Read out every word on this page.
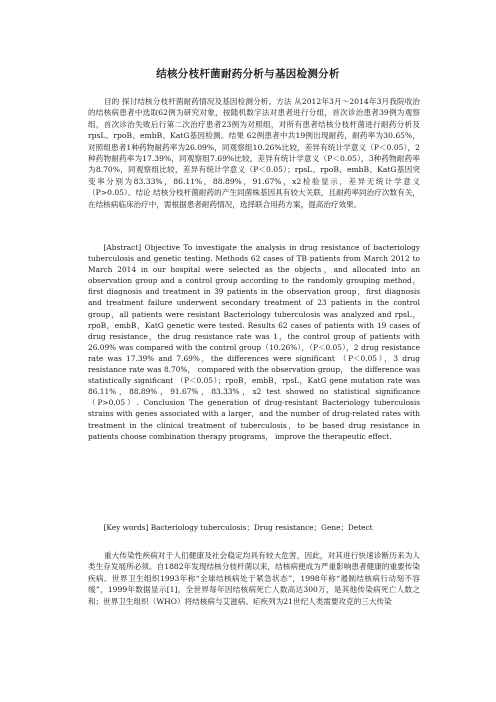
结核分枝杆菌耐药分析与基因检测分析

目的 探讨结核分枝杆菌耐药情况及基因检测分析。方法 从2012年3月～2014年3月我院收治的结核病患者中选取62例为研究对象，按随机数字法对患者进行分组，首次诊治患者39例为观察组，首次诊治失败后行第二次治疗患者23例为对照组，对所有患者结核分枝杆菌进行耐药分析及rpsL、rpoB、embB、KatG基因检测。结果 62例患者中共19例出现耐药，耐药率为30.65%，对照组患者1种药物耐药率为26.09%，同观察组10.26%比较，差异有统计学意义（P＜0.05），2种药物耐药率为17.39%，同观察组7.69%比较，差异有统计学意义（P＜0.05），3种药物耐药率为8.70%，同观察组比较，差异有统计学意义（P＜0.05）；rpsL、rpoB、embB、KatG基因突变率分别为83.33%，86.11%，88.89%，91.67%，x2检验显示，差异无统计学意义（P>0.05）。结论 结核分枝杆菌耐药的产生同菌株基因具有较大关联，且耐药率同治疗次数有关，在结核病临床治疗中，需根据患者耐药情况，选择联合用药方案，提高治疗效果。

[Abstract] Objective To investigate the analysis in drug resistance of bacteriology tuberculosis and genetic testing. Methods 62 cases of TB patients from March 2012 to March 2014 in our hospital were selected as the objects，and allocated into an observation group and a control group according to the randomly grouping method，first diagnosis and treatment in 39 patients in the observation group，first diagnosis and treatment failure underwent secondary treatment of 23 patients in the control group，all patients were resistant Bacteriology tuberculosis was analyzed and rpsL，rpoB，embB，KatG genetic were tested. Results 62 cases of patients with 19 cases of drug resistance，the drug resistance rate was 1，the control group of patients with 26.09% was compared with the control group（10.26%），（P＜0.05），2 drug resistance rate was 17.39% and 7.69%，the differences were significant （P＜0.05），3 drug resistance rate was 8.70%， compared with the observation group， the difference was statistically significant （P＜0.05）；rpoB，embB，rpsL，KatG gene mutation rate was 86.11%，88.89%，91.67%，83.33%，x2 test showed no statistical significance （P>0.05）. Conclusion The generation of drug-resistant Bacteriology tuberculosis strains with genes associated with a larger，and the number of drug-related rates with treatment in the clinical treatment of tuberculosis，to be based drug resistance in patients choose combination therapy programs， improve the therapeutic effect.

[Key words] Bacteriology tuberculosis；Drug resistance；Gene；Detect

重大传染性疾病对于人们健康及社会稳定均具有较大危害，因此，对其进行快速诊断历来为人类生存发展所必须。自1882年发现结核分枝杆菌以来，结核病便成为严重影响患者健康的重要传染疾病。世界卫生组织1993年称“全球结核病处于紧急状态”，1998年称“遏制结核病行动刻不容缓”，1999年数据显示[1]，全世界每年因结核病死亡人数高达300万，是其他传染病死亡人数之和；世界卫生组织（WHO）将结核病与艾滋病、疟疾列为21世纪人类需要攻克的三大传染
